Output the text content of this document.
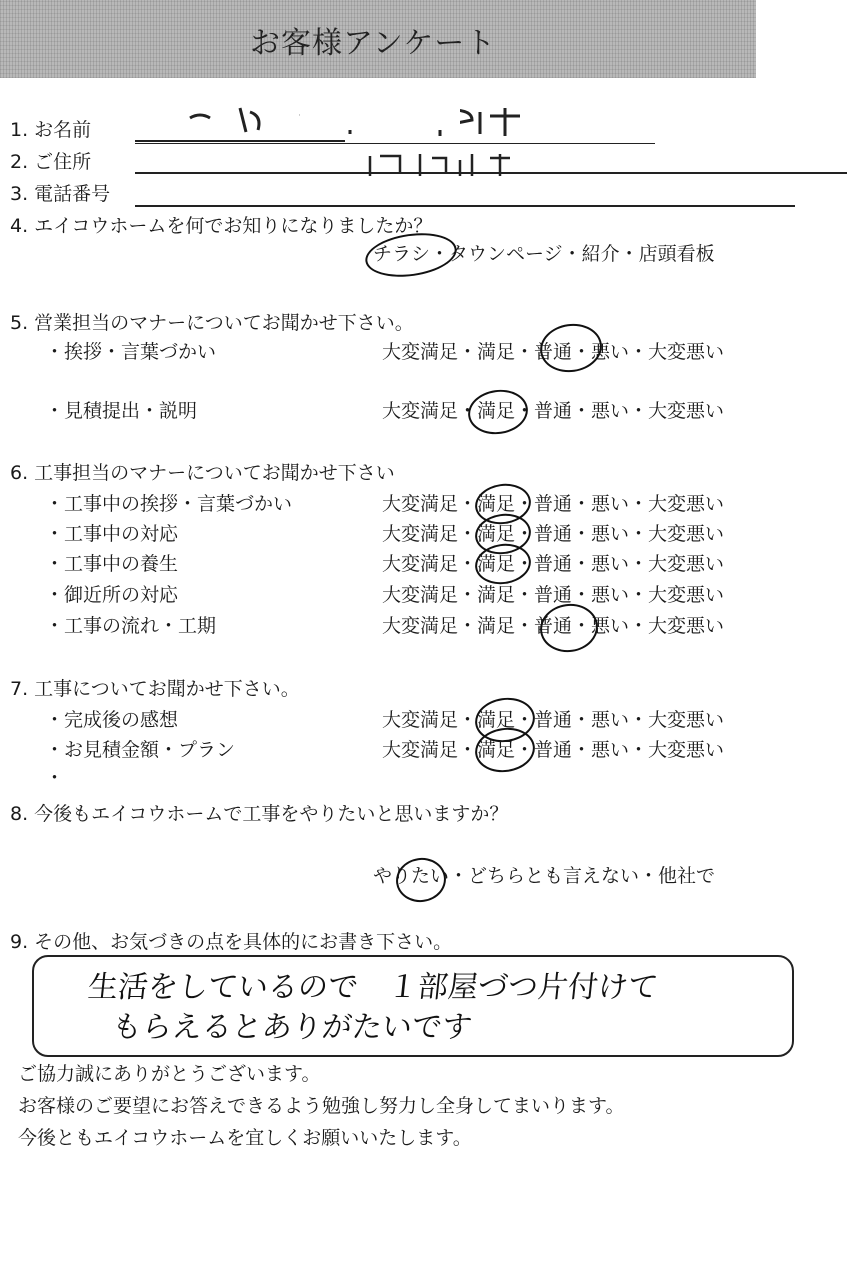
お客様アンケート
1. お名前
2. ご住所
3. 電話番号
4. エイコウホームを何でお知りになりましたか？
チラシ・タウンページ・紹介・店頭看板
5. 営業担当のマナーについてお聞かせ下さい。
・挨拶・言葉づかい	大変満足・満足・普通・悪い・大変悪い
・見積提出・説明	大変満足・満足・普通・悪い・大変悪い
6. 工事担当のマナーについてお聞かせ下さい
・工事中の挨拶・言葉づかい	大変満足・満足・普通・悪い・大変悪い
・工事中の対応	大変満足・満足・普通・悪い・大変悪い
・工事中の養生	大変満足・満足・普通・悪い・大変悪い
・御近所の対応	大変満足・満足・普通・悪い・大変悪い
・工事の流れ・工期	大変満足・満足・普通・悪い・大変悪い
7. 工事についてお聞かせ下さい。
・完成後の感想	大変満足・満足・普通・悪い・大変悪い
・お見積金額・プラン	大変満足・満足・普通・悪い・大変悪い
・
8. 今後もエイコウホームで工事をやりたいと思いますか？
やりたい・どちらとも言えない・他社で
9. その他、お気づきの点を具体的にお書き下さい。
生活をしているので　１部屋づつ片付けて
もらえるとありがたいです
ご協力誠にありがとうございます。
お客様のご要望にお答えできるよう勉強し努力し全身してまいります。
今後ともエイコウホームを宜しくお願いいたします。
